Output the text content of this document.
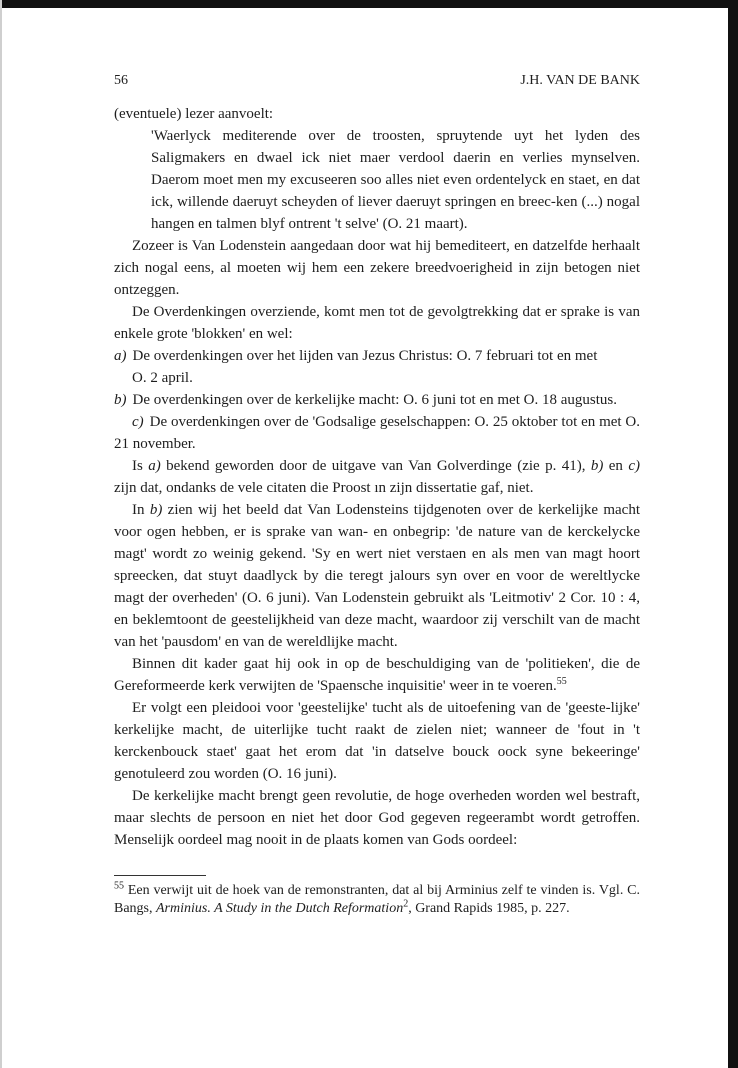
56	J.H. VAN DE BANK

(eventuele) lezer aanvoelt:

'Waerlyck mediterende over de troosten, spruytende uyt het lyden des Saligmakers en dwael ick niet maer verdool daerin en verlies mynselven. Daerom moet men my excuseeren soo alles niet even ordentelyck en staet, en dat ick, willende daeruyt scheyden of liever daeruyt springen en breec-ken (...) nogal hangen en talmen blyf ontrent 't selve' (O. 21 maart).

Zozeer is Van Lodenstein aangedaan door wat hij bemediteert, en datzelfde herhaalt zich nogal eens, al moeten wij hem een zekere breedvoerigheid in zijn betogen niet ontzeggen.

De Overdenkingen overziende, komt men tot de gevolgtrekking dat er sprake is van enkele grote 'blokken' en wel:

a) De overdenkingen over het lijden van Jezus Christus: O. 7 februari tot en met

O. 2 april.

b) De overdenkingen over de kerkelijke macht: O. 6 juni tot en met O. 18 augustus.

c) De overdenkingen over de 'Godsalige geselschappen: O. 25 oktober tot en met O. 21 november.

Is a) bekend geworden door de uitgave van Van Golverdinge (zie p. 41), b) en c) zijn dat, ondanks de vele citaten die Proost ın zijn dissertatie gaf, niet.

In b) zien wij het beeld dat Van Lodensteins tijdgenoten over de kerkelijke macht voor ogen hebben, er is sprake van wan- en onbegrip: 'de nature van de kerckelycke magt' wordt zo weinig gekend. 'Sy en wert niet verstaen en als men van magt hoort spreecken, dat stuyt daadlyck by die teregt jalours syn over en voor de wereltlycke magt der overheden' (O. 6 juni). Van Lodenstein gebruikt als 'Leitmotiv' 2 Cor. 10 : 4, en beklemtoont de geestelijkheid van deze macht, waardoor zij verschilt van de macht van het 'pausdom' en van de wereldlijke macht.

Binnen dit kader gaat hij ook in op de beschuldiging van de 'politieken', die de Gereformeerde kerk verwijten de 'Spaensche inquisitie' weer in te voeren.$^{55}$

Er volgt een pleidooi voor 'geestelijke' tucht als de uitoefening van de 'geeste-lijke' kerkelijke macht, de uiterlijke tucht raakt de zielen niet; wanneer de 'fout in 't kerckenbouck staet' gaat het erom dat 'in datselve bouck oock syne bekeeringe' genotuleerd zou worden (O. 16 juni).

De kerkelijke macht brengt geen revolutie, de hoge overheden worden wel bestraft, maar slechts de persoon en niet het door God gegeven regeerambt wordt getroffen. Menselijk oordeel mag nooit in de plaats komen van Gods oordeel:

$^{55}$ Een verwijt uit de hoek van de remonstranten, dat al bij Arminius zelf te vinden is. Vgl. C. Bangs, Arminius. A Study in the Dutch Reformation$^2$, Grand Rapids 1985, p. 227.
